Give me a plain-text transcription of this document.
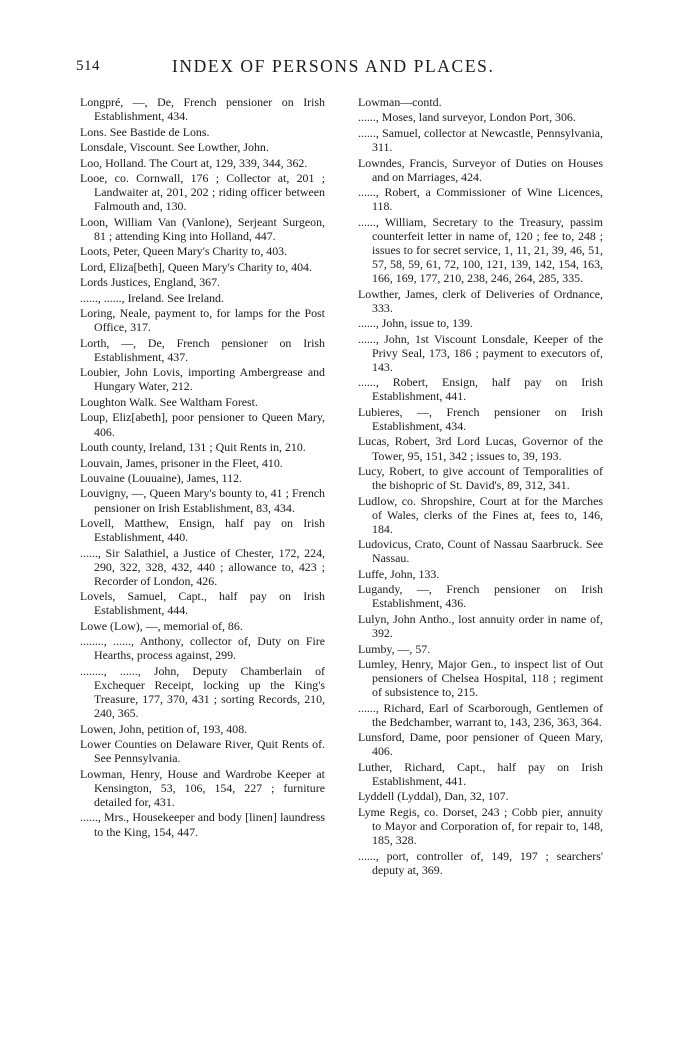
514	INDEX OF PERSONS AND PLACES.

Longpré, —, De, French pensioner on Irish Establishment, 434.

Lons. See Bastide de Lons.

Lonsdale, Viscount. See Lowther, John.

Loo, Holland. The Court at, 129, 339, 344, 362.

Looe, co. Cornwall, 176 ; Collector at, 201 ; Landwaiter at, 201, 202 ; riding officer between Falmouth and, 130.

Loon, William Van (Vanlone), Serjeant Surgeon, 81 ; attending King into Holland, 447.

Loots, Peter, Queen Mary's Charity to, 403.

Lord, Eliza[beth], Queen Mary's Charity to, 404.

Lords Justices, England, 367.

......, ......, Ireland. See Ireland.

Loring, Neale, payment to, for lamps for the Post Office, 317.

Lorth, —, De, French pensioner on Irish Establishment, 437.

Loubier, John Lovis, importing Ambergrease and Hungary Water, 212.

Loughton Walk. See Waltham Forest.

Loup, Eliz[abeth], poor pensioner to Queen Mary, 406.

Louth county, Ireland, 131 ; Quit Rents in, 210.

Louvain, James, prisoner in the Fleet, 410.

Louvaine (Louuaine), James, 112.

Louvigny, —, Queen Mary's bounty to, 41 ; French pensioner on Irish Establishment, 83, 434.

Lovell, Matthew, Ensign, half pay on Irish Establishment, 440.

......, Sir Salathiel, a Justice of Chester, 172, 224, 290, 322, 328, 432, 440 ; allowance to, 423 ; Recorder of London, 426.

Lovels, Samuel, Capt., half pay on Irish Establishment, 444.

Lowe (Low), —, memorial of, 86.

........, ......, Anthony, collector of, Duty on Fire Hearths, process against, 299.

........, ......, John, Deputy Chamberlain of Exchequer Receipt, locking up the King's Treasure, 177, 370, 431 ; sorting Records, 210, 240, 365.

Lowen, John, petition of, 193, 408.

Lower Counties on Delaware River, Quit Rents of. See Pennsylvania.

Lowman, Henry, House and Wardrobe Keeper at Kensington, 53, 106, 154, 227 ; furniture detailed for, 431.

......, Mrs., Housekeeper and body [linen] laundress to the King, 154, 447.

Lowman—contd.

......, Moses, land surveyor, London Port, 306.

......, Samuel, collector at Newcastle, Pennsylvania, 311.

Lowndes, Francis, Surveyor of Duties on Houses and on Marriages, 424.

......, Robert, a Commissioner of Wine Licences, 118.

......, William, Secretary to the Treasury, passim counterfeit letter in name of, 120 ; fee to, 248 ; issues to for secret service, 1, 11, 21, 39, 46, 51, 57, 58, 59, 61, 72, 100, 121, 139, 142, 154, 163, 166, 169, 177, 210, 238, 246, 264, 285, 335.

Lowther, James, clerk of Deliveries of Ordnance, 333.

......, John, issue to, 139.

......, John, 1st Viscount Lonsdale, Keeper of the Privy Seal, 173, 186 ; payment to executors of, 143.

......, Robert, Ensign, half pay on Irish Establishment, 441.

Lubieres, —, French pensioner on Irish Establishment, 434.

Lucas, Robert, 3rd Lord Lucas, Governor of the Tower, 95, 151, 342 ; issues to, 39, 193.

Lucy, Robert, to give account of Temporalities of the bishopric of St. David's, 89, 312, 341.

Ludlow, co. Shropshire, Court at for the Marches of Wales, clerks of the Fines at, fees to, 146, 184.

Ludovicus, Crato, Count of Nassau Saarbruck. See Nassau.

Luffe, John, 133.

Lugandy, —, French pensioner on Irish Establishment, 436.

Lulyn, John Antho., lost annuity order in name of, 392.

Lumby, —, 57.

Lumley, Henry, Major Gen., to inspect list of Out pensioners of Chelsea Hospital, 118 ; regiment of subsistence to, 215.

......, Richard, Earl of Scarborough, Gentlemen of the Bedchamber, warrant to, 143, 236, 363, 364.

Lunsford, Dame, poor pensioner of Queen Mary, 406.

Luther, Richard, Capt., half pay on Irish Establishment, 441.

Lyddell (Lyddal), Dan, 32, 107.

Lyme Regis, co. Dorset, 243 ; Cobb pier, annuity to Mayor and Corporation of, for repair to, 148, 185, 328.

......, port, controller of, 149, 197 ; searchers' deputy at, 369.
